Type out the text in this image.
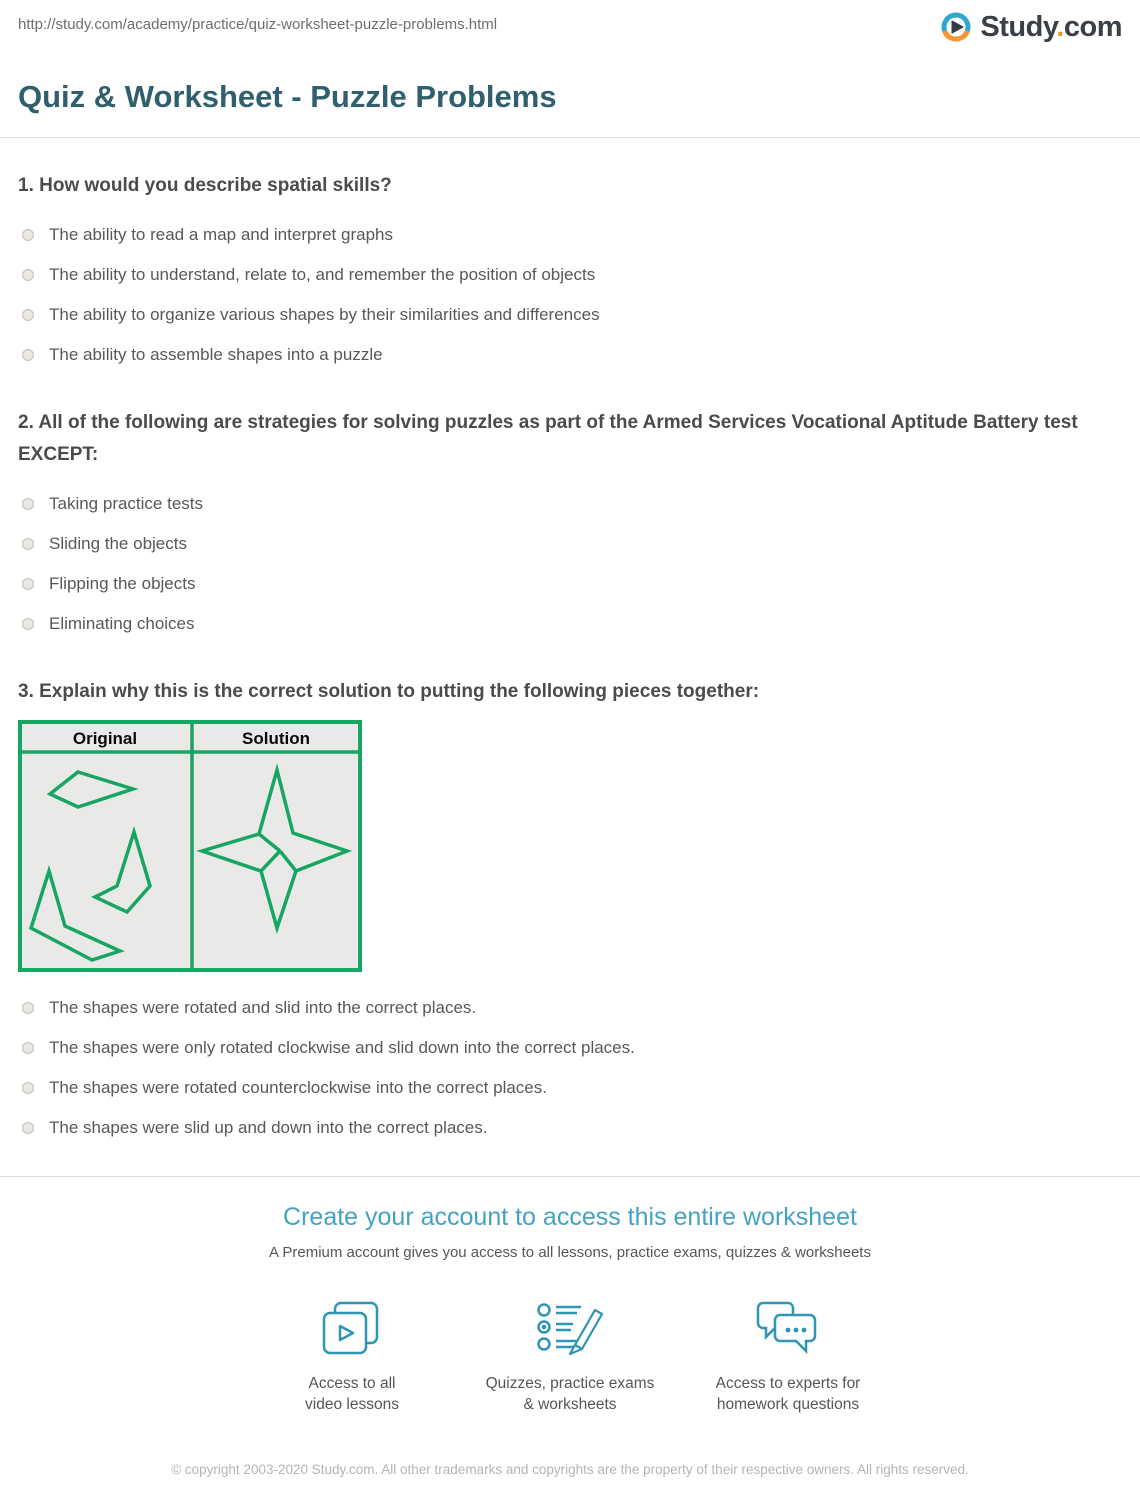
http://study.com/academy/practice/quiz-worksheet-puzzle-problems.html	Study.com
Quiz & Worksheet - Puzzle Problems
1. How would you describe spatial skills?
The ability to read a map and interpret graphs
The ability to understand, relate to, and remember the position of objects
The ability to organize various shapes by their similarities and differences
The ability to assemble shapes into a puzzle
2. All of the following are strategies for solving puzzles as part of the Armed Services Vocational Aptitude Battery test EXCEPT:
Taking practice tests
Sliding the objects
Flipping the objects
Eliminating choices
3. Explain why this is the correct solution to putting the following pieces together:
Original	Solution
The shapes were rotated and slid into the correct places.
The shapes were only rotated clockwise and slid down into the correct places.
The shapes were rotated counterclockwise into the correct places.
The shapes were slid up and down into the correct places.
Create your account to access this entire worksheet
A Premium account gives you access to all lessons, practice exams, quizzes & worksheets
Access to all
video lessons
Quizzes, practice exams
& worksheets
Access to experts for
homework questions
© copyright 2003-2020 Study.com. All other trademarks and copyrights are the property of their respective owners. All rights reserved.
